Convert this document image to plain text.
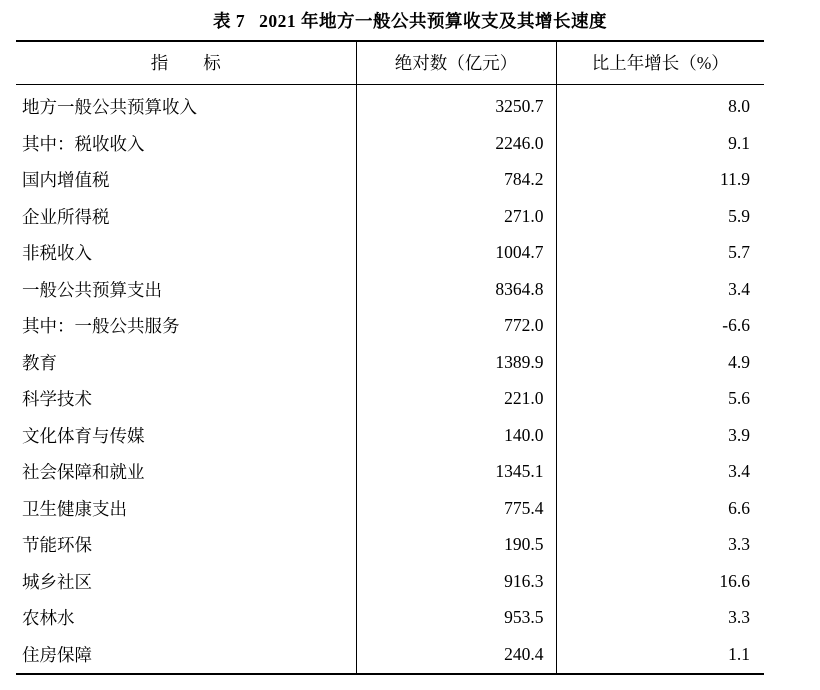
表 7 2021 年地方一般公共预算收支及其增长速度
指　　标	绝对数（亿元）	比上年增长（%）
地方一般公共预算收入	3250.7	8.0
其中：税收收入	2246.0	9.1
国内增值税	784.2	11.9
企业所得税	271.0	5.9
非税收入	1004.7	5.7
一般公共预算支出	8364.8	3.4
其中：一般公共服务	772.0	-6.6
教育	1389.9	4.9
科学技术	221.0	5.6
文化体育与传媒	140.0	3.9
社会保障和就业	1345.1	3.4
卫生健康支出	775.4	6.6
节能环保	190.5	3.3
城乡社区	916.3	16.6
农林水	953.5	3.3
住房保障	240.4	1.1
